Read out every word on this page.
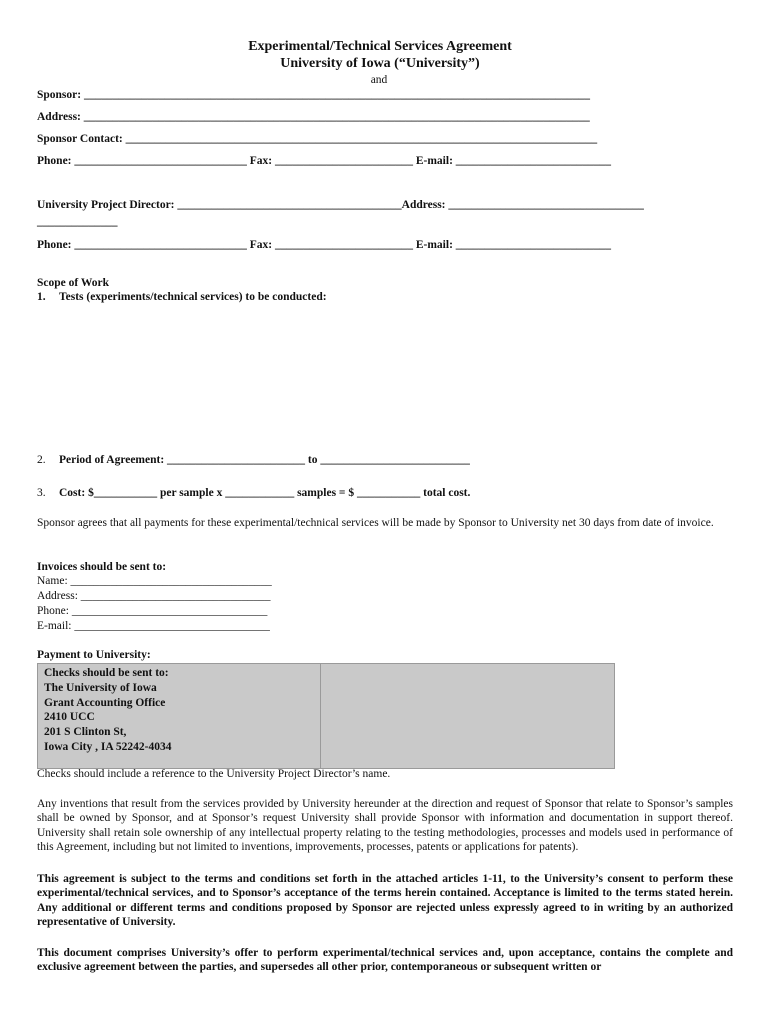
Experimental/Technical Services Agreement
University of Iowa (“University”)
and
Sponsor: ________________________________________________________________________________________
Address: ________________________________________________________________________________________
Sponsor Contact: __________________________________________________________________________________
Phone: ______________________________ Fax: ________________________ E-mail: ___________________________
University Project Director: _______________________________________Address: __________________________________
______________
Phone: ______________________________ Fax: ________________________ E-mail: ___________________________
Scope of Work
1. Tests (experiments/technical services) to be conducted:
2. Period of Agreement: ________________________ to __________________________
3. Cost: $___________ per sample x ____________ samples = $ ___________ total cost.
Sponsor agrees that all payments for these experimental/technical services will be made by Sponsor to University net 30 days from date of invoice.
Invoices should be sent to:
Name: ___________________________________
Address: _________________________________
Phone: __________________________________
E-mail: __________________________________
Payment to University:
Checks should be sent to:
The University of Iowa
Grant Accounting Office
2410 UCC
201 S Clinton St,
Iowa City , IA 52242-4034
Checks should include a reference to the University Project Director’s name.
Any inventions that result from the services provided by University hereunder at the direction and request of Sponsor that relate to Sponsor’s samples shall be owned by Sponsor, and at Sponsor’s request University shall provide Sponsor with information and documentation in support thereof. University shall retain sole ownership of any intellectual property relating to the testing methodologies, processes and models used in performance of this Agreement, including but not limited to inventions, improvements, processes, patents or applications for patents).
This agreement is subject to the terms and conditions set forth in the attached articles 1-11, to the University’s consent to perform these experimental/technical services, and to Sponsor’s acceptance of the terms herein contained. Acceptance is limited to the terms stated herein. Any additional or different terms and conditions proposed by Sponsor are rejected unless expressly agreed to in writing by an authorized representative of University.
This document comprises University’s offer to perform experimental/technical services and, upon acceptance, contains the complete and exclusive agreement between the parties, and supersedes all other prior, contemporaneous or subsequent written or
